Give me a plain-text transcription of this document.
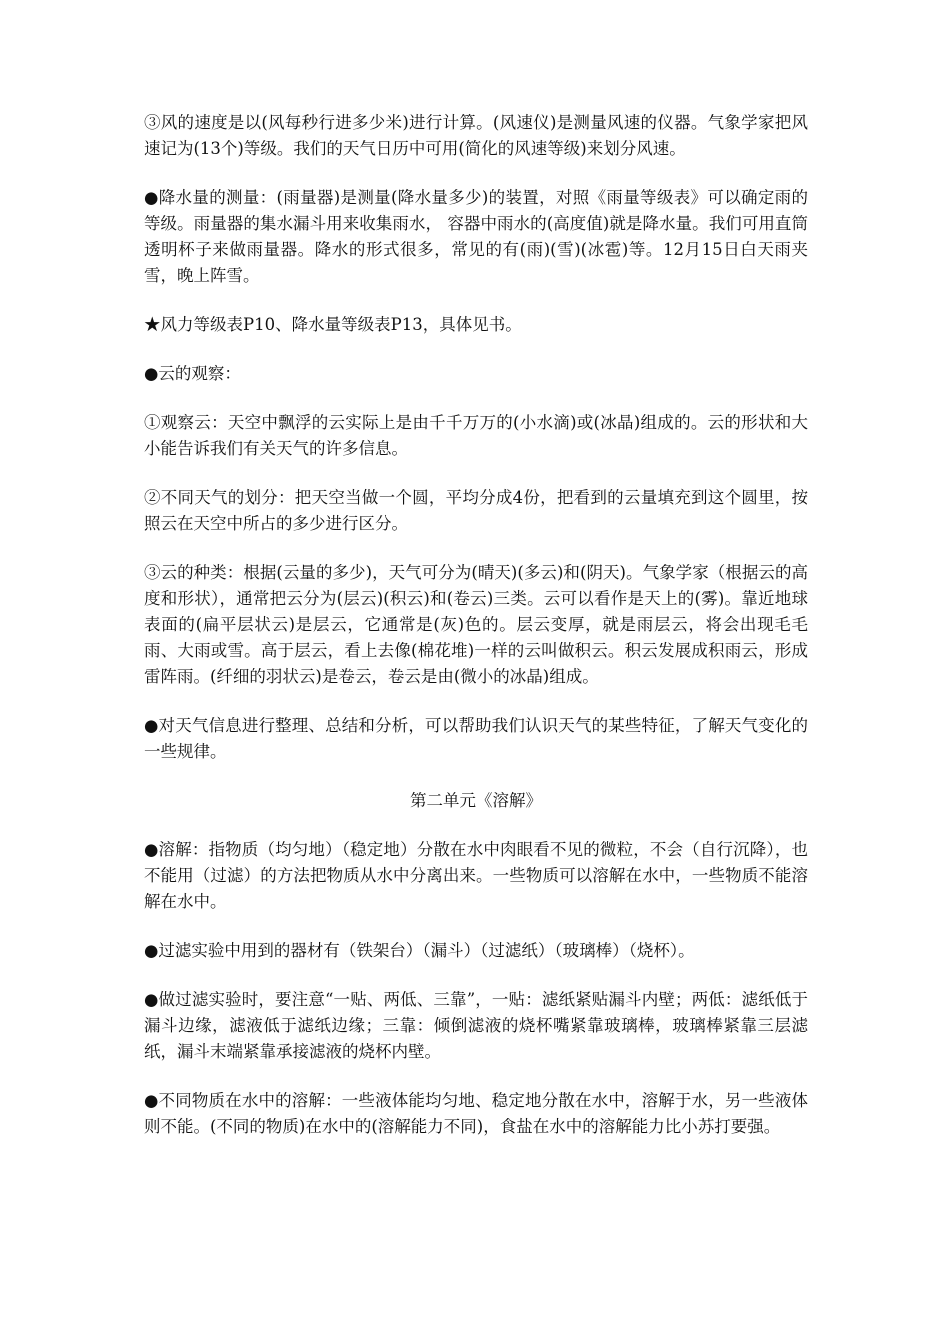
③风的速度是以(风每秒行进多少米)进行计算。(风速仪)是测量风速的仪器。气象学家把风速记为(13个)等级。我们的天气日历中可用(简化的风速等级)来划分风速。

●降水量的测量：(雨量器)是测量(降水量多少)的装置，对照《雨量等级表》可以确定雨的等级。雨量器的集水漏斗用来收集雨水， 容器中雨水的(高度值)就是降水量。我们可用直筒透明杯子来做雨量器。降水的形式很多，常见的有(雨)(雪)(冰雹)等。12月15日白天雨夹雪，晚上阵雪。

★风力等级表P10、降水量等级表P13，具体见书。

●云的观察：

①观察云：天空中飘浮的云实际上是由千千万万的(小水滴)或(冰晶)组成的。云的形状和大小能告诉我们有关天气的许多信息。

②不同天气的划分：把天空当做一个圆，平均分成4份，把看到的云量填充到这个圆里，按照云在天空中所占的多少进行区分。

③云的种类：根据(云量的多少)，天气可分为(晴天)(多云)和(阴天)。气象学家（根据云的高度和形状），通常把云分为(层云)(积云)和(卷云)三类。云可以看作是天上的(雾)。靠近地球表面的(扁平层状云)是层云，它通常是(灰)色的。层云变厚，就是雨层云，将会出现毛毛雨、大雨或雪。高于层云，看上去像(棉花堆)一样的云叫做积云。积云发展成积雨云，形成雷阵雨。(纤细的羽状云)是卷云，卷云是由(微小的冰晶)组成。

●对天气信息进行整理、总结和分析，可以帮助我们认识天气的某些特征，了解天气变化的一些规律。

第二单元《溶解》

●溶解：指物质（均匀地）（稳定地）分散在水中肉眼看不见的微粒，不会（自行沉降），也不能用（过滤）的方法把物质从水中分离出来。一些物质可以溶解在水中，一些物质不能溶解在水中。

●过滤实验中用到的器材有（铁架台）（漏斗）（过滤纸）（玻璃棒）（烧杯）。

●做过滤实验时，要注意“一贴、两低、三靠”，一贴：滤纸紧贴漏斗内壁；两低：滤纸低于漏斗边缘，滤液低于滤纸边缘；三靠：倾倒滤液的烧杯嘴紧靠玻璃棒，玻璃棒紧靠三层滤纸，漏斗末端紧靠承接滤液的烧杯内壁。

●不同物质在水中的溶解：一些液体能均匀地、稳定地分散在水中，溶解于水，另一些液体则不能。(不同的物质)在水中的(溶解能力不同)，食盐在水中的溶解能力比小苏打要强。
